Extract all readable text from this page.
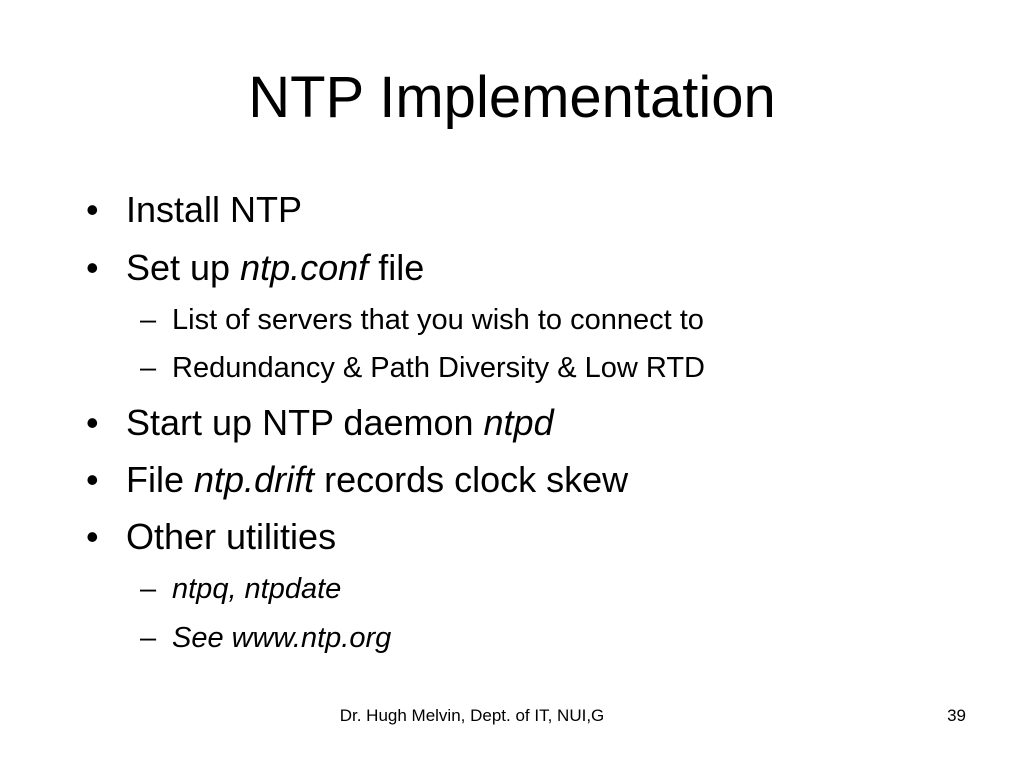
NTP Implementation
• Install NTP
• Set up ntp.conf file
– List of servers that you wish to connect to
– Redundancy & Path Diversity & Low RTD
• Start up NTP daemon ntpd
• File ntp.drift records clock skew
• Other utilities
– ntpq, ntpdate
– See www.ntp.org
Dr. Hugh Melvin, Dept. of IT, NUI,G	39
